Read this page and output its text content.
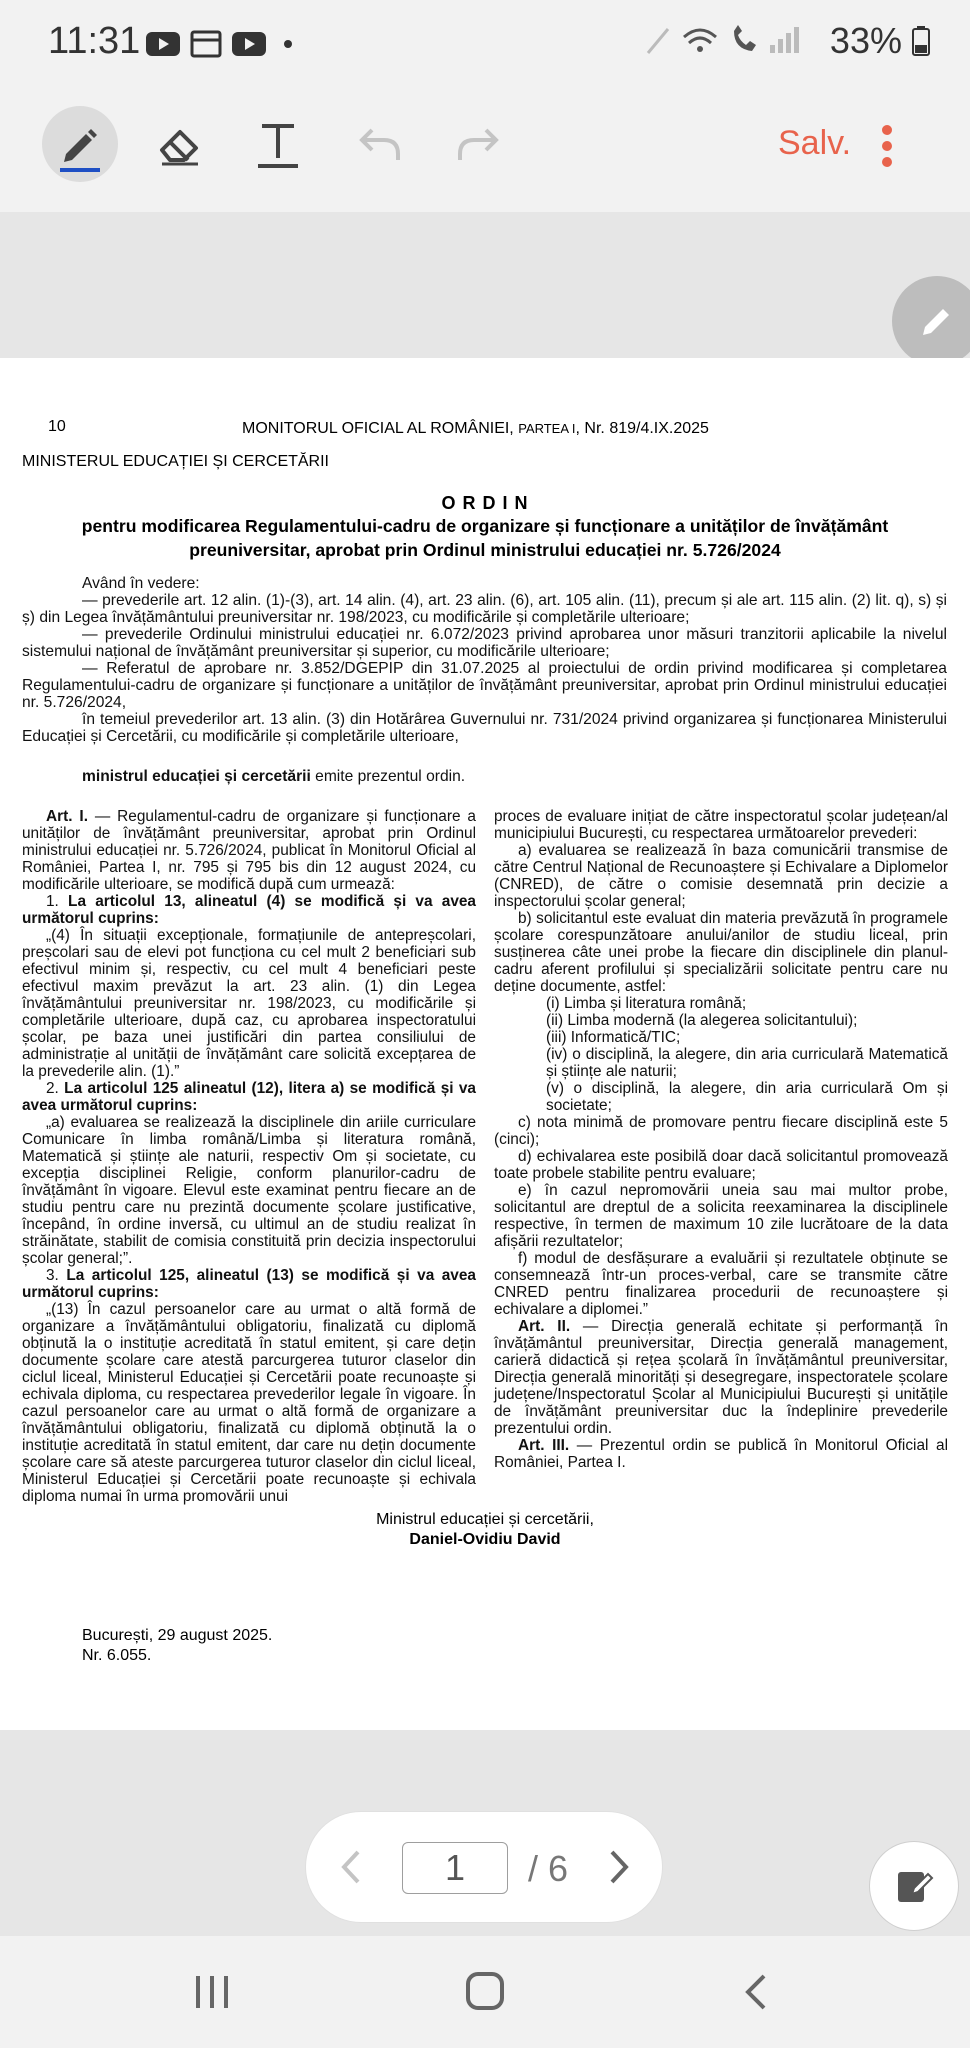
11:31	33%
Salv.
10	MONITORUL OFICIAL AL ROMÂNIEI, PARTEA I, Nr. 819/4.IX.2025
MINISTERUL EDUCAȚIEI ȘI CERCETĂRII
O R D I N
pentru modificarea Regulamentului-cadru de organizare și funcționare a unităților de învățământ
preuniversitar, aprobat prin Ordinul ministrului educației nr. 5.726/2024
Având în vedere:
— prevederile art. 12 alin. (1)-(3), art. 14 alin. (4), art. 23 alin. (6), art. 105 alin. (11), precum și ale art. 115 alin. (2) lit. q), s) și ș) din Legea învățământului preuniversitar nr. 198/2023, cu modificările și completările ulterioare;
— prevederile Ordinului ministrului educației nr. 6.072/2023 privind aprobarea unor măsuri tranzitorii aplicabile la nivelul sistemului național de învățământ preuniversitar și superior, cu modificările ulterioare;
— Referatul de aprobare nr. 3.852/DGEPIP din 31.07.2025 al proiectului de ordin privind modificarea și completarea Regulamentului-cadru de organizare și funcționare a unităților de învățământ preuniversitar, aprobat prin Ordinul ministrului educației nr. 5.726/2024,
în temeiul prevederilor art. 13 alin. (3) din Hotărârea Guvernului nr. 731/2024 privind organizarea și funcționarea Ministerului Educației și Cercetării, cu modificările și completările ulterioare,
ministrul educației și cercetării emite prezentul ordin.

Art. I. — Regulamentul-cadru de organizare și funcționare a unităților de învățământ preuniversitar, aprobat prin Ordinul ministrului educației nr. 5.726/2024, publicat în Monitorul Oficial al României, Partea I, nr. 795 și 795 bis din 12 august 2024, cu modificările ulterioare, se modifică după cum urmează:

1. La articolul 13, alineatul (4) se modifică și va avea următorul cuprins:

„(4) În situații excepționale, formațiunile de antepreșcolari, preșcolari sau de elevi pot funcționa cu cel mult 2 beneficiari sub efectivul minim și, respectiv, cu cel mult 4 beneficiari peste efectivul maxim prevăzut la art. 23 alin. (1) din Legea învățământului preuniversitar nr. 198/2023, cu modificările și completările ulterioare, după caz, cu aprobarea inspectoratului școlar, pe baza unei justificări din partea consiliului de administrație al unității de învățământ care solicită excepțarea de la prevederile alin. (1).”

2. La articolul 125 alineatul (12), litera a) se modifică și va avea următorul cuprins:

„a) evaluarea se realizează la disciplinele din ariile curriculare Comunicare în limba română/Limba și literatura română, Matematică și științe ale naturii, respectiv Om și societate, cu excepția disciplinei Religie, conform planurilor-cadru de învățământ în vigoare. Elevul este examinat pentru fiecare an de studiu pentru care nu prezintă documente școlare justificative, începând, în ordine inversă, cu ultimul an de studiu realizat în străinătate, stabilit de comisia constituită prin decizia inspectorului școlar general;”.

3. La articolul 125, alineatul (13) se modifică și va avea următorul cuprins:

„(13) În cazul persoanelor care au urmat o altă formă de organizare a învățământului obligatoriu, finalizată cu diplomă obținută la o instituție acreditată în statul emitent, și care dețin documente școlare care atestă parcurgerea tuturor claselor din ciclul liceal, Ministerul Educației și Cercetării poate recunoaște și echivala diploma, cu respectarea prevederilor legale în vigoare. În cazul persoanelor care au urmat o altă formă de organizare a învățământului obligatoriu, finalizată cu diplomă obținută la o instituție acreditată în statul emitent, dar care nu dețin documente școlare care să ateste parcurgerea tuturor claselor din ciclul liceal, Ministerul Educației și Cercetării poate recunoaște și echivala diploma numai în urma promovării unui

proces de evaluare inițiat de către inspectoratul școlar județean/al municipiului București, cu respectarea următoarelor prevederi:

a) evaluarea se realizează în baza comunicării transmise de către Centrul Național de Recunoaștere și Echivalare a Diplomelor (CNRED), de către o comisie desemnată prin decizie a inspectorului școlar general;

b) solicitantul este evaluat din materia prevăzută în programele școlare corespunzătoare anului/anilor de studiu liceal, prin susținerea câte unei probe la fiecare din disciplinele din planul-cadru aferent profilului și specializării solicitate pentru care nu deține documente, astfel:

(i) Limba și literatura română;

(ii) Limba modernă (la alegerea solicitantului);

(iii) Informatică/TIC;

(iv) o disciplină, la alegere, din aria curriculară Matematică și științe ale naturii;

(v) o disciplină, la alegere, din aria curriculară Om și societate;

c) nota minimă de promovare pentru fiecare disciplină este 5 (cinci);

d) echivalarea este posibilă doar dacă solicitantul promovează toate probele stabilite pentru evaluare;

e) în cazul nepromovării uneia sau mai multor probe, solicitantul are dreptul de a solicita reexaminarea la disciplinele respective, în termen de maximum 10 zile lucrătoare de la data afișării rezultatelor;

f) modul de desfășurare a evaluării și rezultatele obținute se consemnează într-un proces-verbal, care se transmite către CNRED pentru finalizarea procedurii de recunoaștere și echivalare a diplomei.”

Art. II. — Direcția generală echitate și performanță în învățământul preuniversitar, Direcția generală management, carieră didactică și rețea școlară în învățământul preuniversitar, Direcția generală minorități și desegregare, inspectoratele școlare județene/Inspectoratul Școlar al Municipiului București și unitățile de învățământ preuniversitar duc la îndeplinire prevederile prezentului ordin.

Art. III. — Prezentul ordin se publică în Monitorul Oficial al României, Partea I.

Ministrul educației și cercetării,
Daniel-Ovidiu David
București, 29 august 2025.
Nr. 6.055.
1	/ 6
